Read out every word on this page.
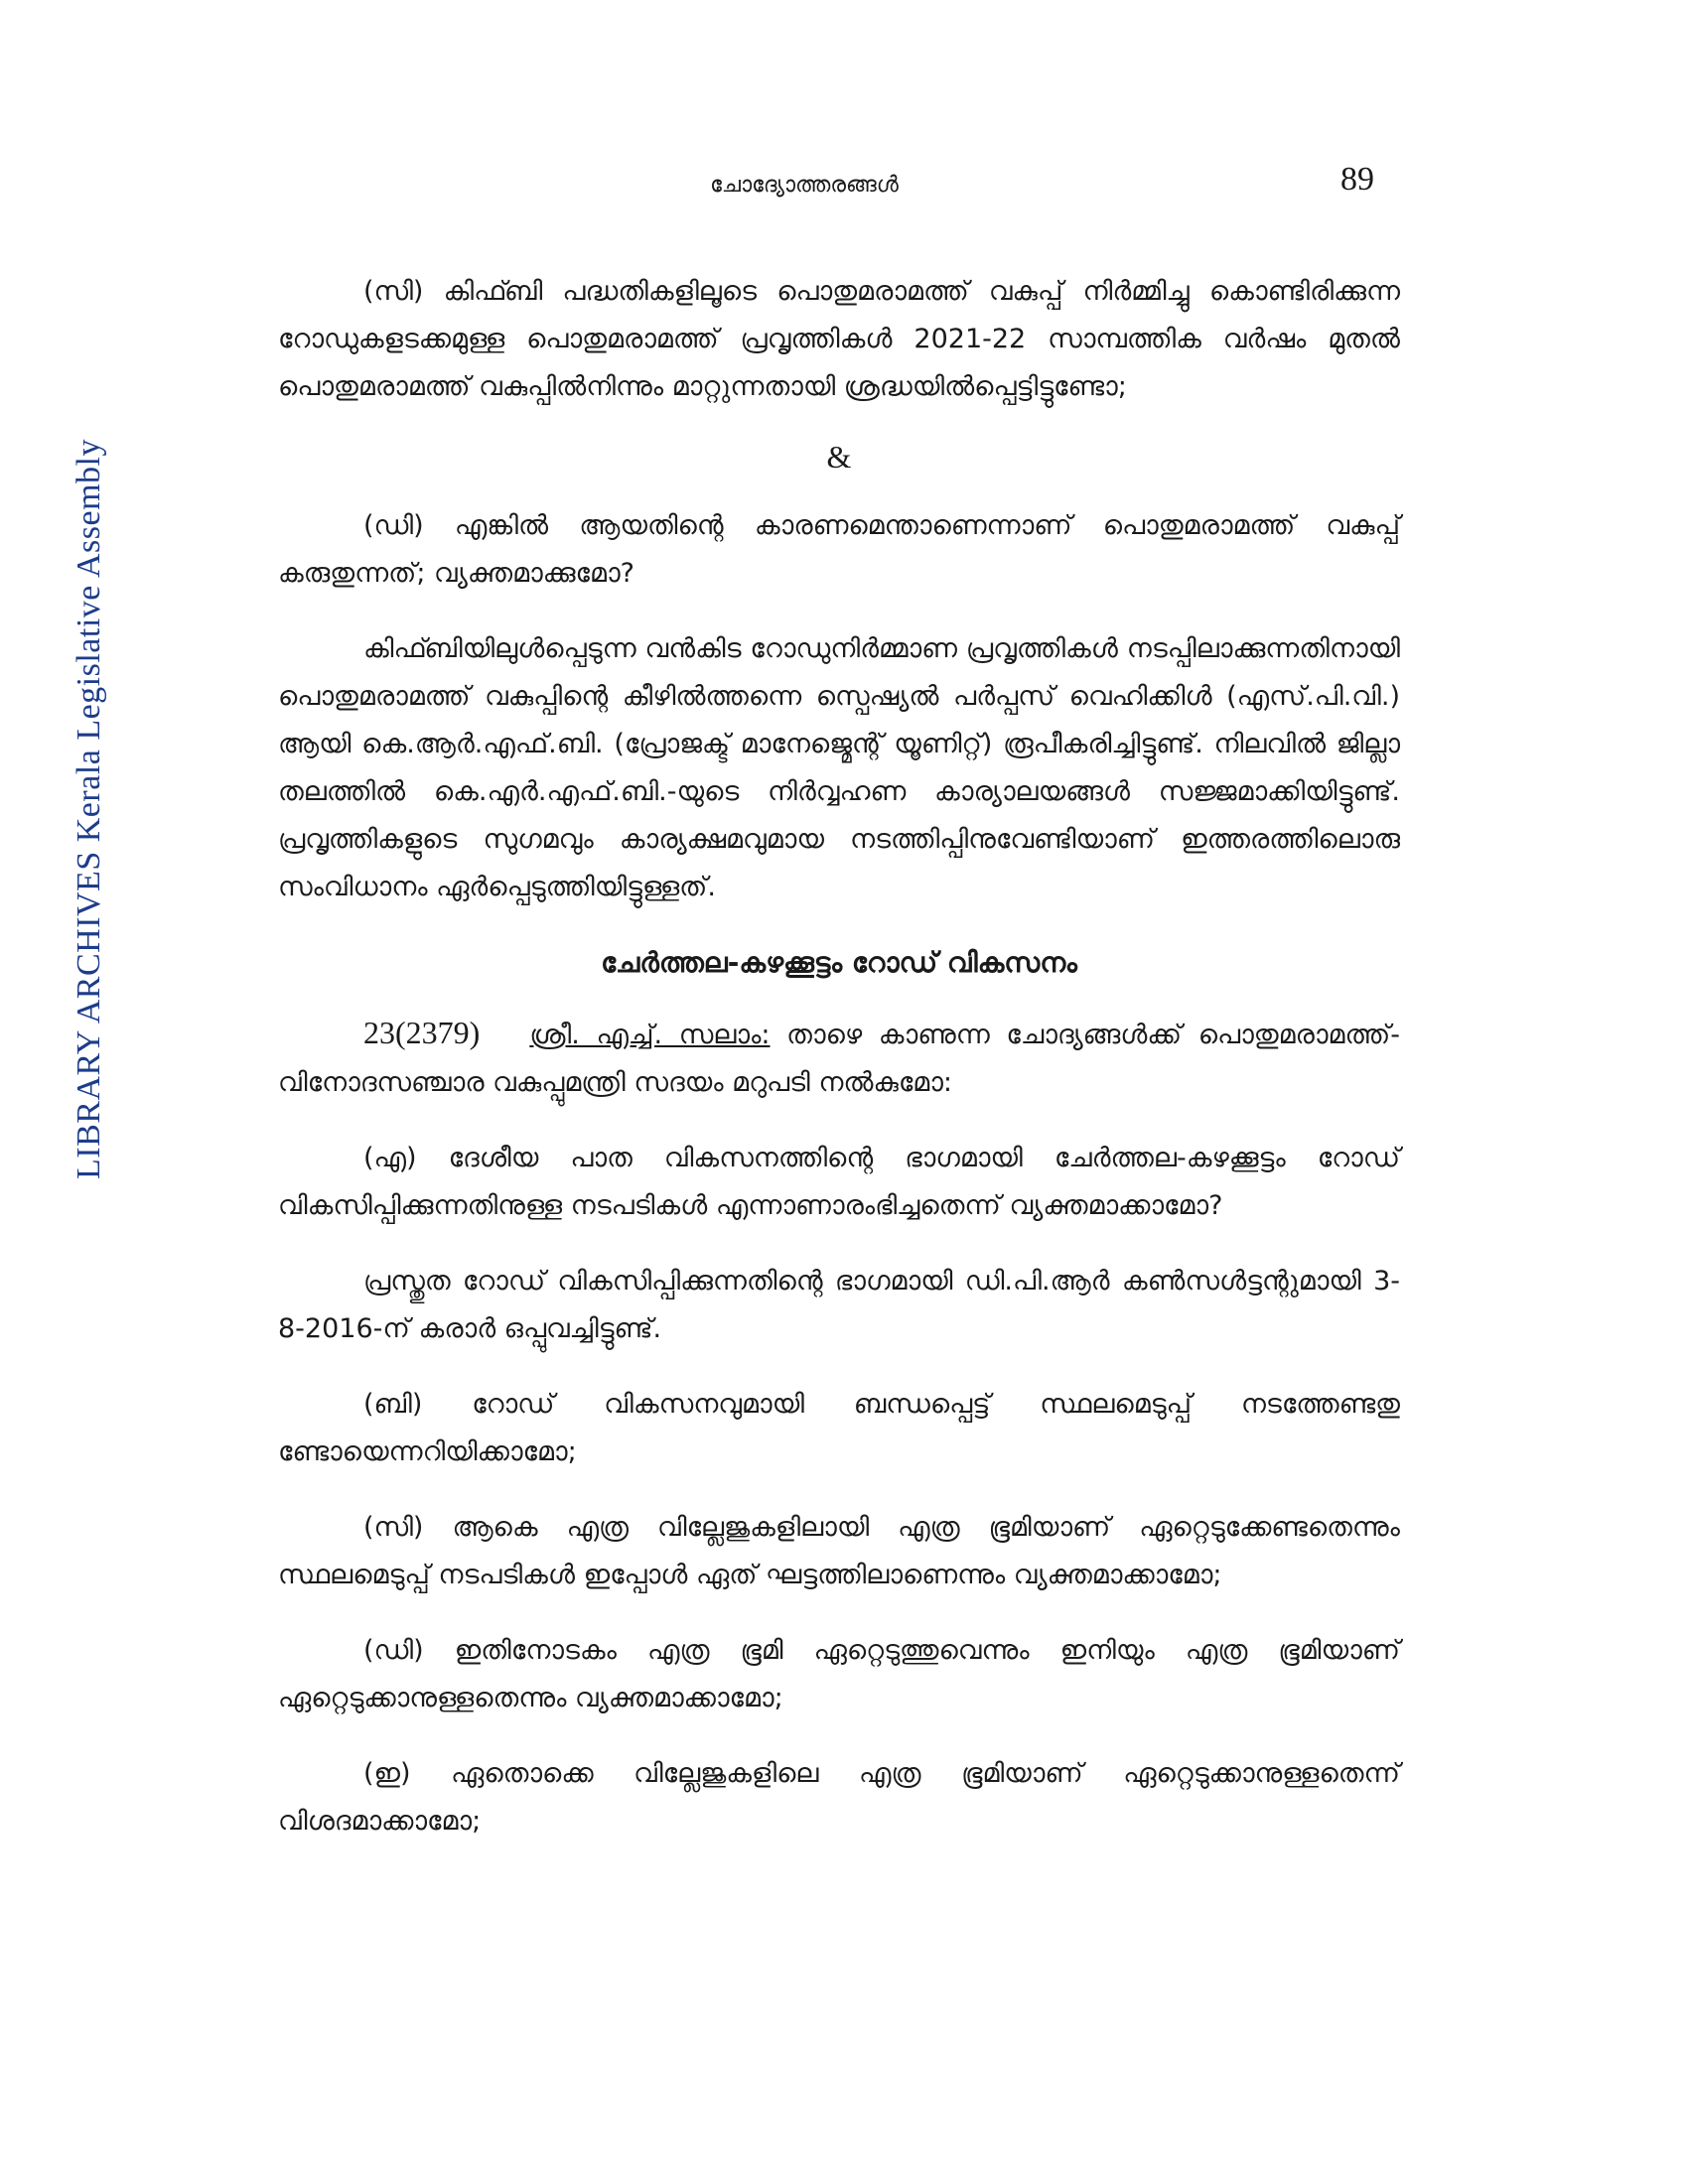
LIBRARY ARCHIVES Kerala Legislative Assembly
ചോദ്യോത്തരങ്ങൾ	89

(സി) കിഫ്ബി പദ്ധതികളിലൂടെ പൊതുമരാമത്ത് വകുപ്പ് നിർമ്മിച്ചു കൊണ്ടിരിക്കുന്ന റോഡുകളടക്കമുള്ള പൊതുമരാമത്ത് പ്രവൃത്തികൾ 2021-22 സാമ്പത്തിക വർഷം മുതൽ പൊതുമരാമത്ത് വകുപ്പിൽനിന്നും മാറ്റുന്നതായി ശ്രദ്ധയിൽപ്പെട്ടിട്ടുണ്ടോ;

&

(ഡി) എങ്കിൽ ആയതിന്റെ കാരണമെന്താണെന്നാണ് പൊതുമരാമത്ത് വകുപ്പ് കരുതുന്നത്; വ്യക്തമാക്കുമോ?

കിഫ്ബിയിലുൾപ്പെടുന്ന വൻകിട റോഡുനിർമ്മാണ പ്രവൃത്തികൾ നടപ്പിലാക്കുന്നതിനായി പൊതുമരാമത്ത് വകുപ്പിന്റെ കീഴിൽത്തന്നെ സ്പെഷ്യൽ പർപ്പസ് വെഹിക്കിൾ (എസ്.പി.വി.) ആയി കെ.ആർ.എഫ്.ബി. (പ്രോജക്ട് മാനേജ്മെന്റ് യൂണിറ്റ്) രൂപീകരിച്ചിട്ടുണ്ട്. നിലവിൽ ജില്ലാ തലത്തിൽ കെ.എർ.എഫ്.ബി.-യുടെ നിർവ്വഹണ കാര്യാലയങ്ങൾ സജ്ജമാക്കിയിട്ടുണ്ട്. പ്രവൃത്തികളുടെ സുഗമവും കാര്യക്ഷമവുമായ നടത്തിപ്പിനുവേണ്ടിയാണ് ഇത്തരത്തിലൊരു സംവിധാനം ഏർപ്പെടുത്തിയിട്ടുള്ളത്.

ചേർത്തല-കഴക്കൂട്ടം റോഡ് വികസനം

23(2379) ശ്രീ. എച്ച്. സലാം: താഴെ കാണുന്ന ചോദ്യങ്ങൾക്ക് പൊതുമരാമത്ത്-വിനോദസഞ്ചാര വകുപ്പുമന്ത്രി സദയം മറുപടി നൽകുമോ:

(എ) ദേശീയ പാത വികസനത്തിന്റെ ഭാഗമായി ചേർത്തല-കഴക്കൂട്ടം റോഡ് വികസിപ്പിക്കുന്നതിനുള്ള നടപടികൾ എന്നാണാരംഭിച്ചതെന്ന് വ്യക്തമാക്കാമോ?

പ്രസ്തുത റോഡ് വികസിപ്പിക്കുന്നതിന്റെ ഭാഗമായി ഡി.പി.ആർ കൺസൾട്ടന്റുമായി 3-8-2016-ന് കരാർ ഒപ്പുവച്ചിട്ടുണ്ട്.

(ബി) റോഡ് വികസനവുമായി ബന്ധപ്പെട്ട് സ്ഥലമെടുപ്പ് നടത്തേണ്ടതു ണ്ടോയെന്നറിയിക്കാമോ;

(സി) ആകെ എത്ര വില്ലേജുകളിലായി എത്ര ഭൂമിയാണ് ഏറ്റെടുക്കേണ്ടതെന്നും സ്ഥലമെടുപ്പ് നടപടികൾ ഇപ്പോൾ ഏത് ഘട്ടത്തിലാണെന്നും വ്യക്തമാക്കാമോ;

(ഡി) ഇതിനോടകം എത്ര ഭൂമി ഏറ്റെടുത്തുവെന്നും ഇനിയും എത്ര ഭൂമിയാണ് ഏറ്റെടുക്കാനുള്ളതെന്നും വ്യക്തമാക്കാമോ;

(ഇ) ഏതൊക്കെ വില്ലേജുകളിലെ എത്ര ഭൂമിയാണ് ഏറ്റെടുക്കാനുള്ളതെന്ന് വിശദമാക്കാമോ;
